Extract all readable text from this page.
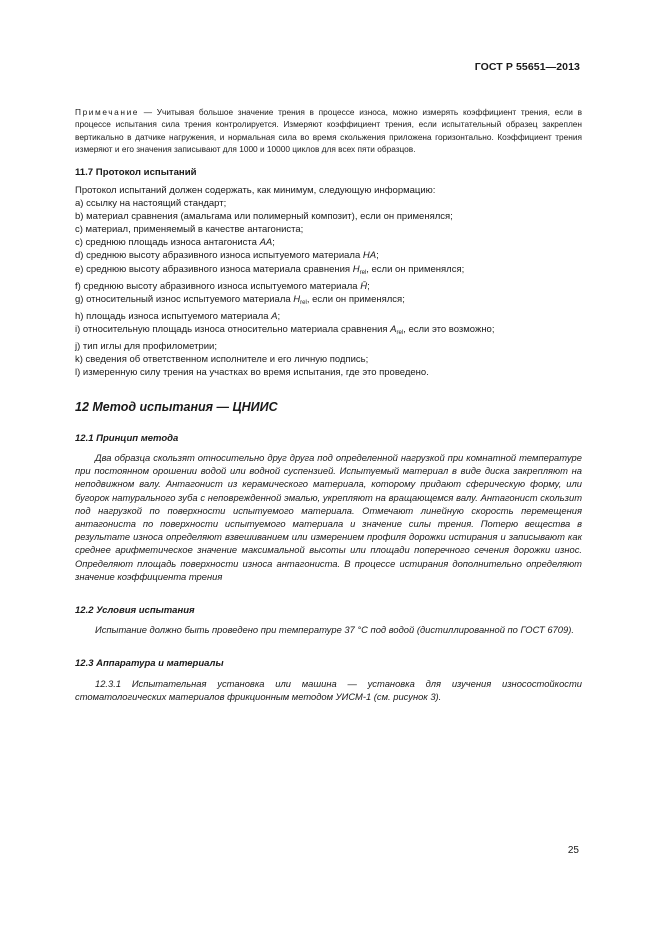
ГОСТ Р 55651—2013
Примечание — Учитывая большое значение трения в процессе износа, можно измерять коэффициент трения, если в процессе испытания сила трения контролируется. Измеряют коэффициент трения, если испытательный образец закреплен вертикально в датчике нагружения, и нормальная сила во время скольжения приложена горизонтально. Коэффициент трения измеряют и его значения записывают для 1000 и 10000 циклов для всех пяти образцов.
11.7 Протокол испытаний
Протокол испытаний должен содержать, как минимум, следующую информацию:
а) ссылку на настоящий стандарт;
b) материал сравнения (амальгама или полимерный композит), если он применялся;
с) материал, применяемый в качестве антагониста;
с) среднюю площадь износа антагониста АА;
d) среднюю высоту абразивного износа испытуемого материала НА;
е) среднюю высоту абразивного износа материала сравнения $H_{rel}$, если он применялся;
f) среднюю высоту абразивного износа испытуемого материала H̄;
g) относительный износ испытуемого материала $H_{rel}$, если он применялся;
h) площадь износа испытуемого материала А;
i) относительную площадь износа относительно материала сравнения $A_{rel}$, если это возможно;
j) тип иглы для профилометрии;
k) сведения об ответственном исполнителе и его личную подпись;
l) измеренную силу трения на участках во время испытания, где это проведено.
12 Метод испытания — ЦНИИС
12.1 Принцип метода
Два образца скользят относительно друг друга под определенной нагрузкой при комнатной температуре при постоянном орошении водой или водной суспензией. Испытуемый материал в виде диска закрепляют на неподвижном валу. Антагонист из керамического материала, которому придают сферическую форму, или бугорок натурального зуба с неповрежденной эмалью, укрепляют на вращающемся валу. Антагонист скользит под нагрузкой по поверхности испытуемого материала. Отмечают линейную скорость перемещения антагониста по поверхности испытуемого материала и значение силы трения. Потерю вещества в результате износа определяют взвешиванием или измерением профиля дорожки истирания и записывают как среднее арифметическое значение максимальной высоты или площади поперечного сечения дорожки износ. Определяют площадь поверхности износа антагониста. В процессе истирания дополнительно определяют значение коэффициента трения
12.2 Условия испытания
Испытание должно быть проведено при температуре 37 °С под водой (дистиллированной по ГОСТ 6709).
12.3 Аппаратура и материалы
12.3.1 Испытательная установка или машина — установка для изучения износостойкости стоматологических материалов фрикционным методом УИСМ-1 (см. рисунок 3).
25
